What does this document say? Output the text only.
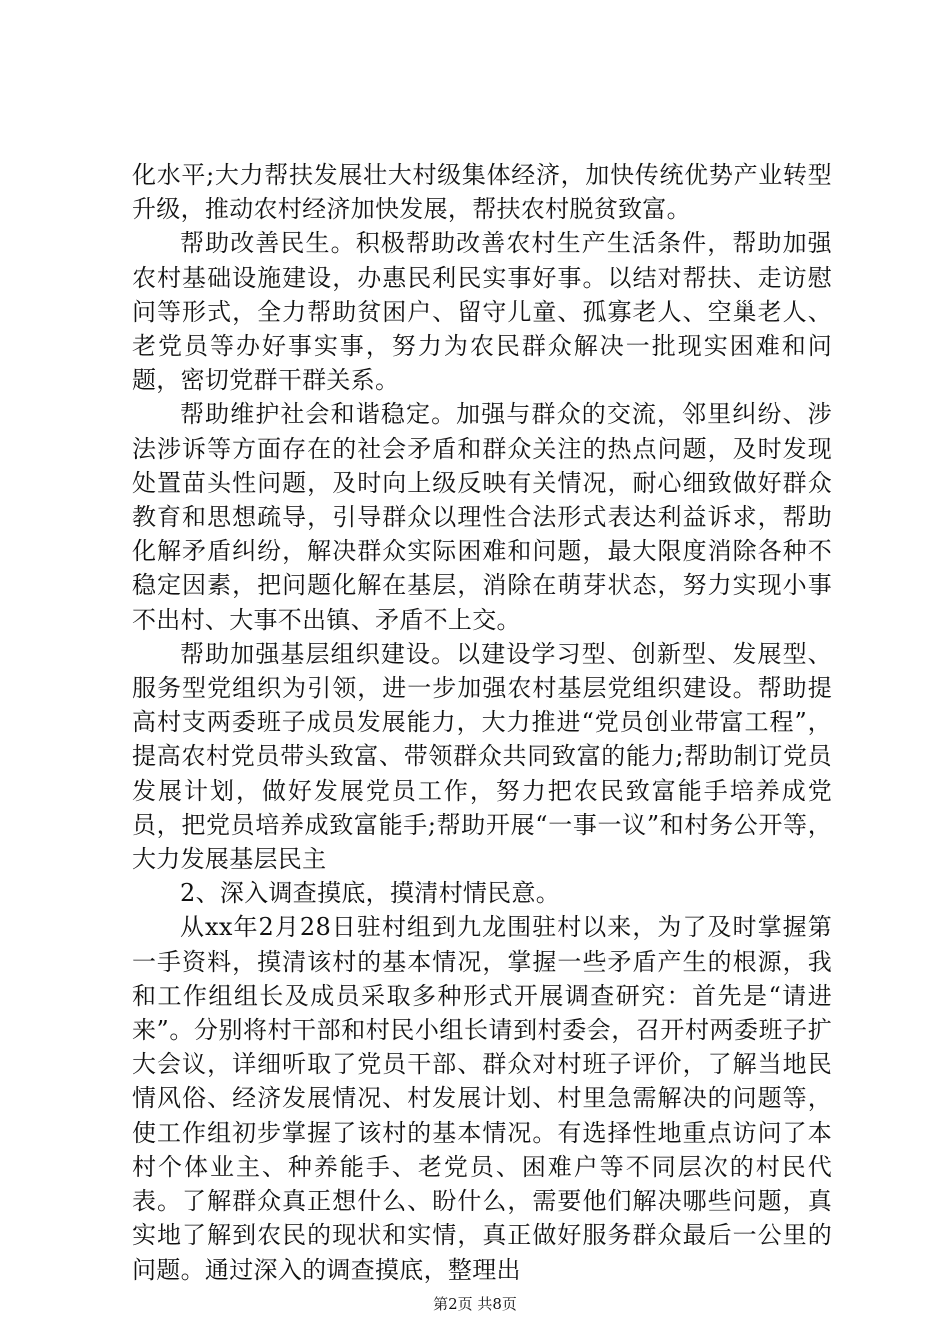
化水平;大力帮扶发展壮大村级集体经济，加快传统优势产业转型升级，推动农村经济加快发展，帮扶农村脱贫致富。

帮助改善民生。积极帮助改善农村生产生活条件，帮助加强农村基础设施建设，办惠民利民实事好事。以结对帮扶、走访慰问等形式，全力帮助贫困户、留守儿童、孤寡老人、空巢老人、老党员等办好事实事，努力为农民群众解决一批现实困难和问题，密切党群干群关系。

帮助维护社会和谐稳定。加强与群众的交流，邻里纠纷、涉法涉诉等方面存在的社会矛盾和群众关注的热点问题，及时发现处置苗头性问题，及时向上级反映有关情况，耐心细致做好群众教育和思想疏导，引导群众以理性合法形式表达利益诉求，帮助化解矛盾纠纷，解决群众实际困难和问题，最大限度消除各种不稳定因素，把问题化解在基层，消除在萌芽状态，努力实现小事不出村、大事不出镇、矛盾不上交。

帮助加强基层组织建设。以建设学习型、创新型、发展型、服务型党组织为引领，进一步加强农村基层党组织建设。帮助提高村支两委班子成员发展能力，大力推进“党员创业带富工程”，提高农村党员带头致富、带领群众共同致富的能力;帮助制订党员发展计划，做好发展党员工作，努力把农民致富能手培养成党员，把党员培养成致富能手;帮助开展“一事一议”和村务公开等，大力发展基层民主

2、深入调查摸底，摸清村情民意。

从xx年2月28日驻村组到九龙围驻村以来，为了及时掌握第一手资料，摸清该村的基本情况，掌握一些矛盾产生的根源，我和工作组组长及成员采取多种形式开展调查研究：首先是“请进来”。分别将村干部和村民小组长请到村委会，召开村两委班子扩大会议，详细听取了党员干部、群众对村班子评价，了解当地民情风俗、经济发展情况、村发展计划、村里急需解决的问题等，使工作组初步掌握了该村的基本情况。有选择性地重点访问了本村个体业主、种养能手、老党员、困难户等不同层次的村民代表。了解群众真正想什么、盼什么，需要他们解决哪些问题，真实地了解到农民的现状和实情，真正做好服务群众最后一公里的问题。通过深入的调查摸底，整理出

第2页 共8页
